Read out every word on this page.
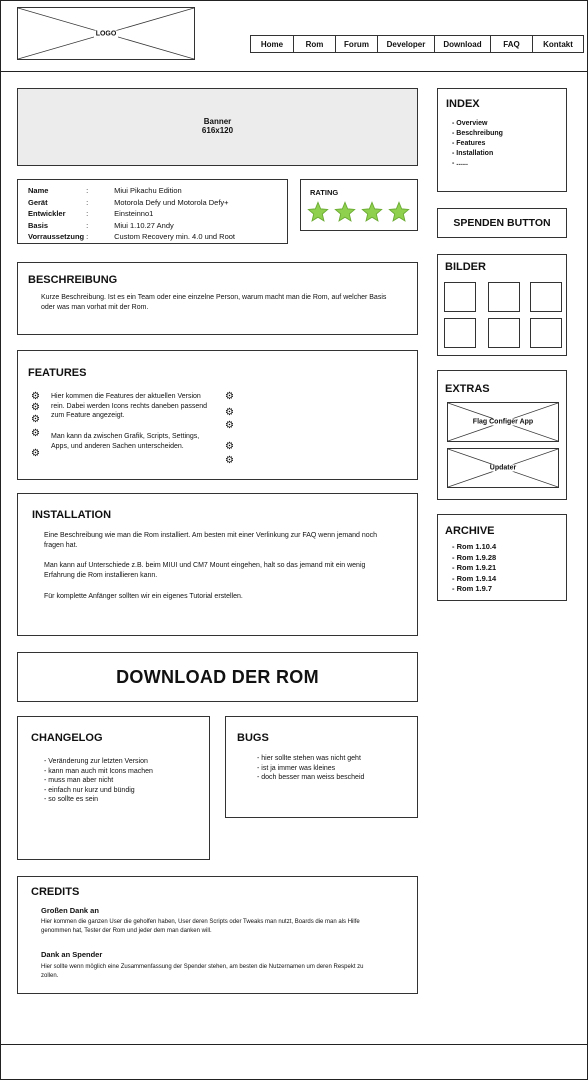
LOGO
Home	Rom	Forum	Developer	Download	FAQ	Kontakt
Banner
616x120
Name	:	Miui Pikachu Edition
Gerät	:	Motorola Defy und Motorola Defy+
Entwickler	:	Einsteinno1
Basis	:	Miui 1.10.27 Andy
Vorraussetzung	:	Custom Recovery min. 4.0 und Root
RATING
BESCHREIBUNG
Kurze Beschreibung. Ist es ein Team oder eine einzelne Person, warum macht man die Rom, auf welcher Basis oder was man vorhat mit der Rom.
FEATURES
Hier kommen die Features der aktuellen Version rein. Dabei werden Icons rechts daneben passend zum Feature angezeigt.
Man kann da zwischen Grafik, Scripts, Settings, Apps, und anderen Sachen unterscheiden.
⚙
⚙
⚙
⚙
⚙
⚙
⚙
⚙
⚙
⚙
INSTALLATION
Eine Beschreibung wie man die Rom installiert. Am besten mit einer Verlinkung zur FAQ wenn jemand noch fragen hat.
Man kann auf Unterschiede z.B. beim MIUI und CM7 Mount eingehen, halt so das jemand mit ein wenig Erfahrung die Rom installieren kann.
Für komplette Anfänger sollten wir ein eigenes Tutorial erstellen.
DOWNLOAD DER ROM
CHANGELOG
- Veränderung zur letzten Version
- kann man auch mit Icons machen
- muss man aber nicht
- einfach nur kurz und bündig
- so sollte es sein
BUGS
- hier sollte stehen was nicht geht
- ist ja immer was kleines
- doch besser man weiss bescheid
CREDITS
Großen Dank an
Hier kommen die ganzen User die geholfen haben, User deren Scripts oder Tweaks man nutzt, Boards die man als Hilfe genommen hat, Tester der Rom und jeder dem man danken will.
Dank an Spender
Hier sollte wenn möglich eine Zusammenfassung der Spender stehen, am besten die Nutzernamen um deren Respekt zu zollen.
INDEX
- Overview
- Beschreibung
- Features
- Installation
- ......
SPENDEN BUTTON
BILDER
EXTRAS
Flag Configer App
Updater
ARCHIVE
- Rom 1.10.4
- Rom 1.9.28
- Rom 1.9.21
- Rom 1.9.14
- Rom 1.9.7
